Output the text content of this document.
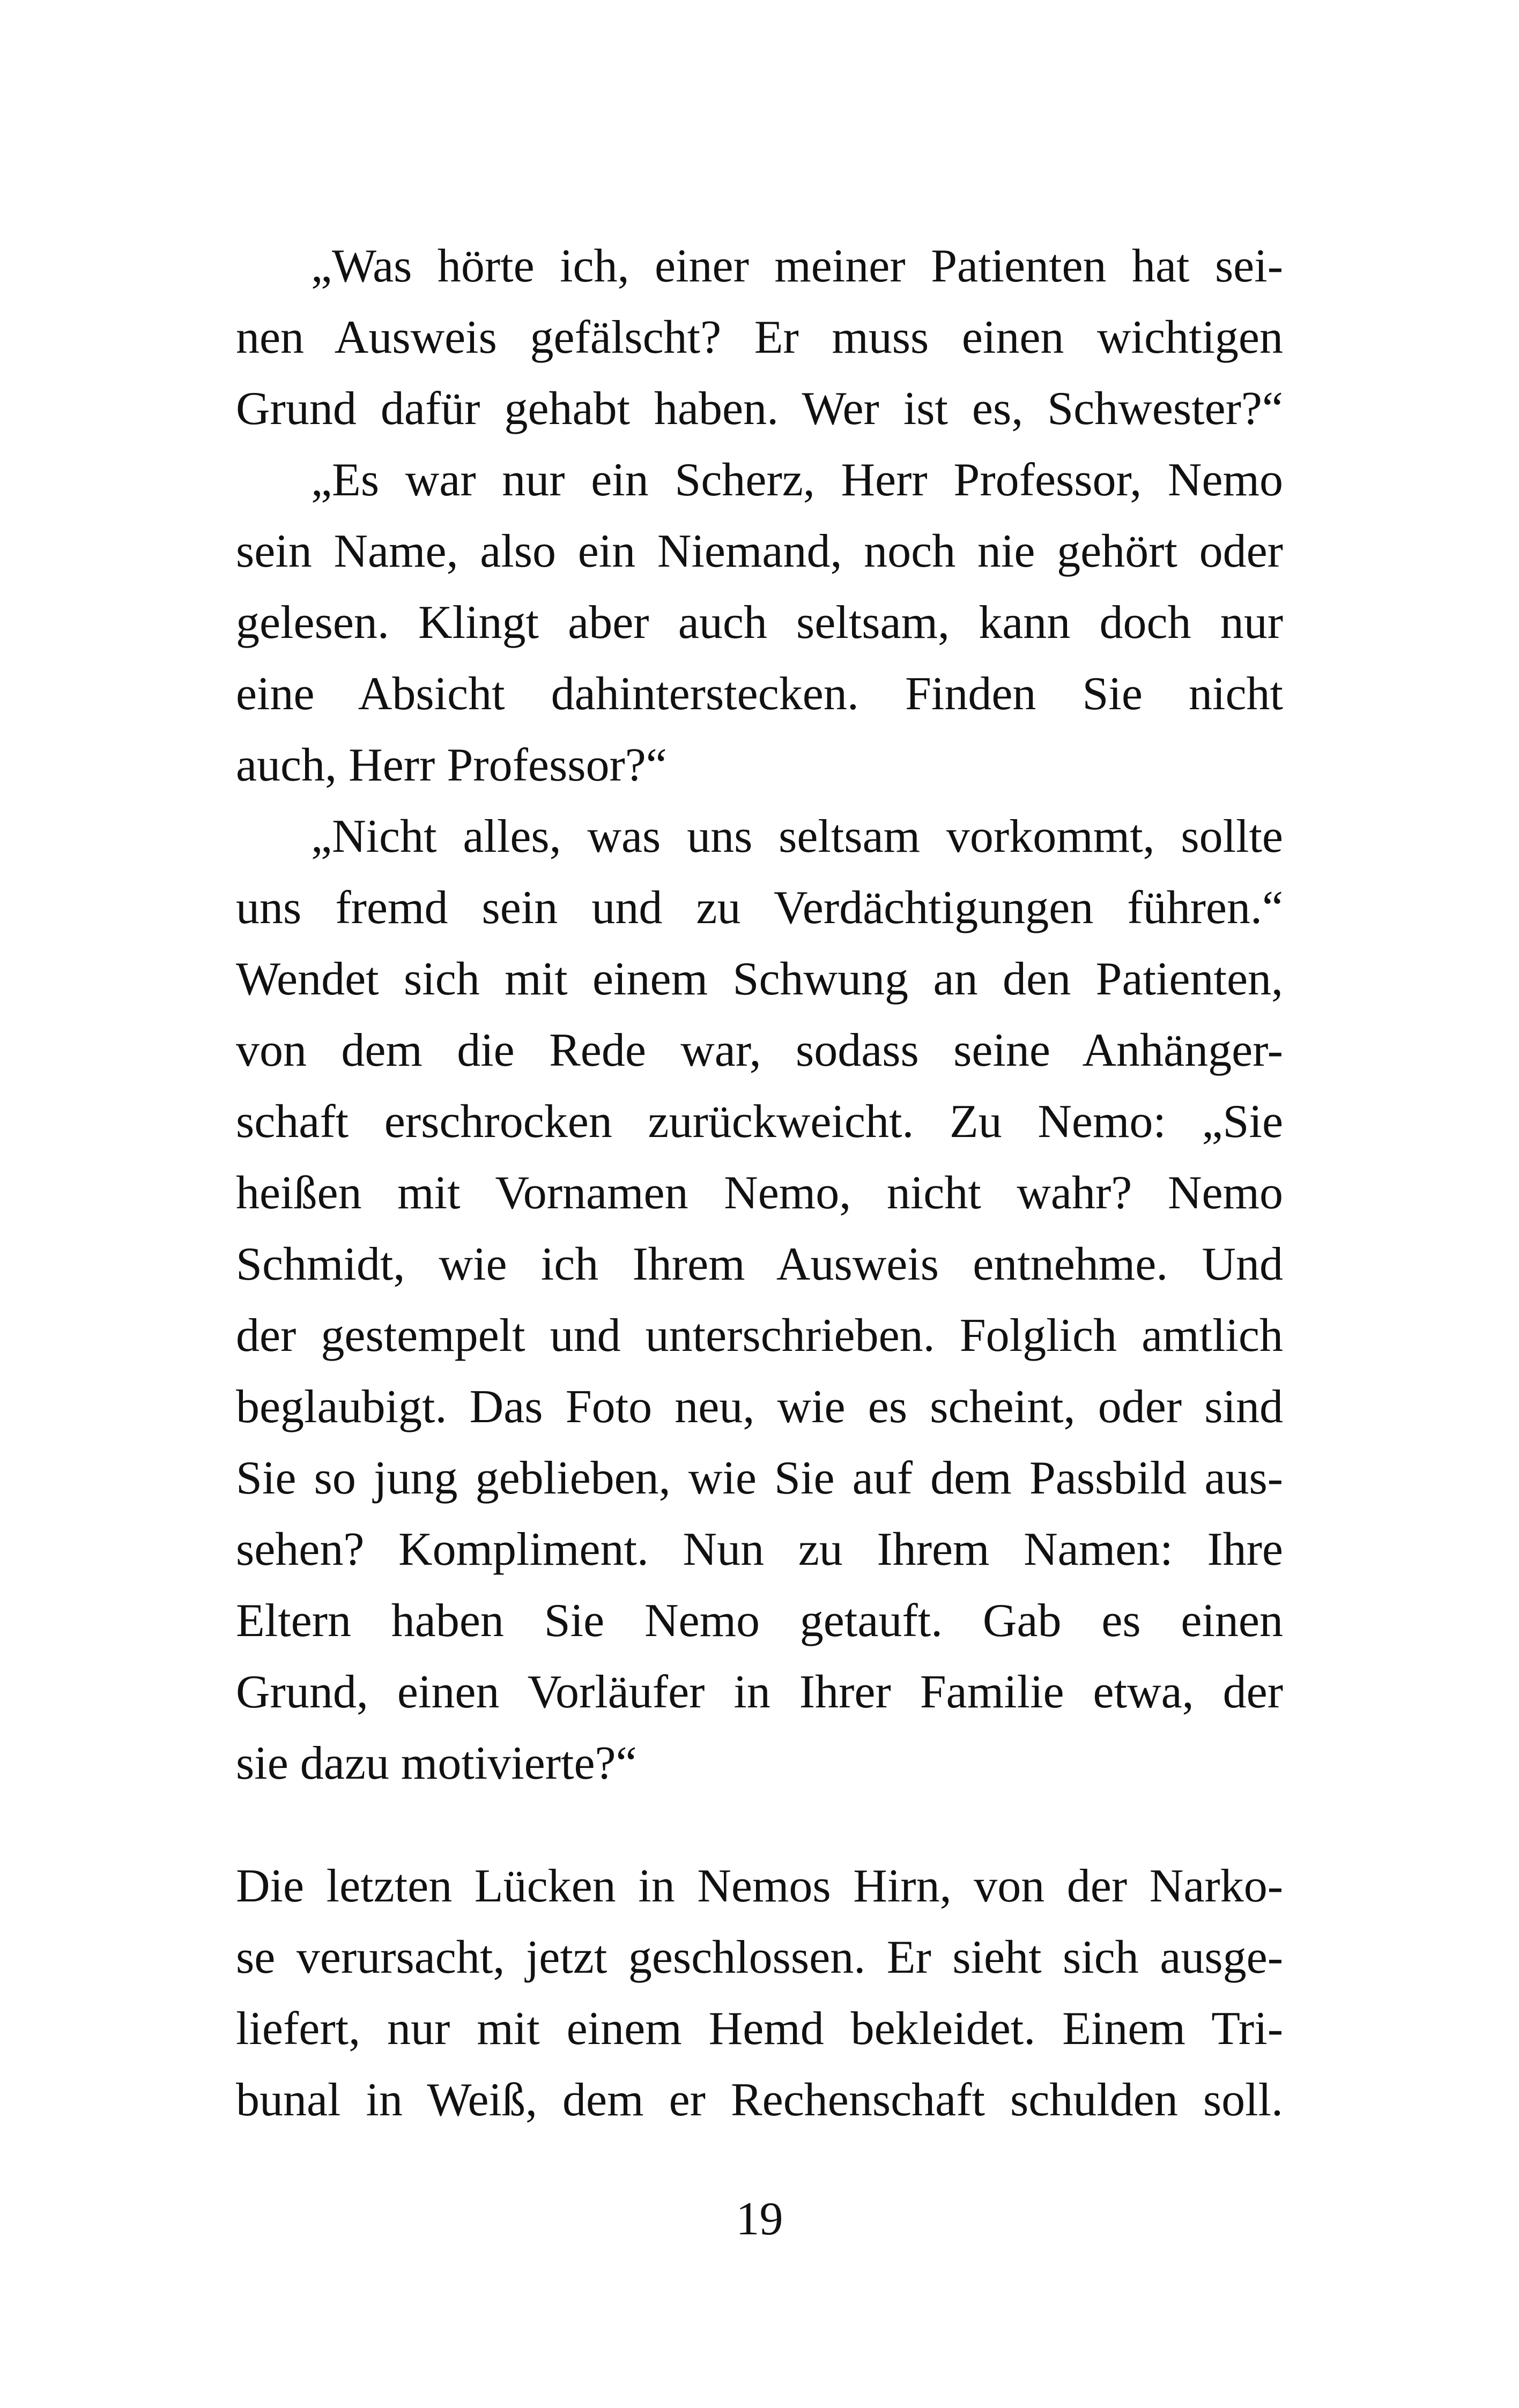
„Was hörte ich, einer meiner Patienten hat sei-
nen Ausweis gefälscht? Er muss einen wichtigen
Grund dafür gehabt haben. Wer ist es, Schwester?“
„Es war nur ein Scherz, Herr Professor, Nemo
sein Name, also ein Niemand, noch nie gehört oder
gelesen. Klingt aber auch seltsam, kann doch nur
eine Absicht dahinterstecken. Finden Sie nicht
auch, Herr Professor?“
„Nicht alles, was uns seltsam vorkommt, sollte
uns fremd sein und zu Verdächtigungen führen.“
Wendet sich mit einem Schwung an den Patienten,
von dem die Rede war, sodass seine Anhänger-
schaft erschrocken zurückweicht. Zu Nemo: „Sie
heißen mit Vornamen Nemo, nicht wahr? Nemo
Schmidt, wie ich Ihrem Ausweis entnehme. Und
der gestempelt und unterschrieben. Folglich amtlich
beglaubigt. Das Foto neu, wie es scheint, oder sind
Sie so jung geblieben, wie Sie auf dem Passbild aus-
sehen? Kompliment. Nun zu Ihrem Namen: Ihre
Eltern haben Sie Nemo getauft. Gab es einen
Grund, einen Vorläufer in Ihrer Familie etwa, der
sie dazu motivierte?“
Die letzten Lücken in Nemos Hirn, von der Narko-
se verursacht, jetzt geschlossen. Er sieht sich ausge-
liefert, nur mit einem Hemd bekleidet. Einem Tri-
bunal in Weiß, dem er Rechenschaft schulden soll.
19
